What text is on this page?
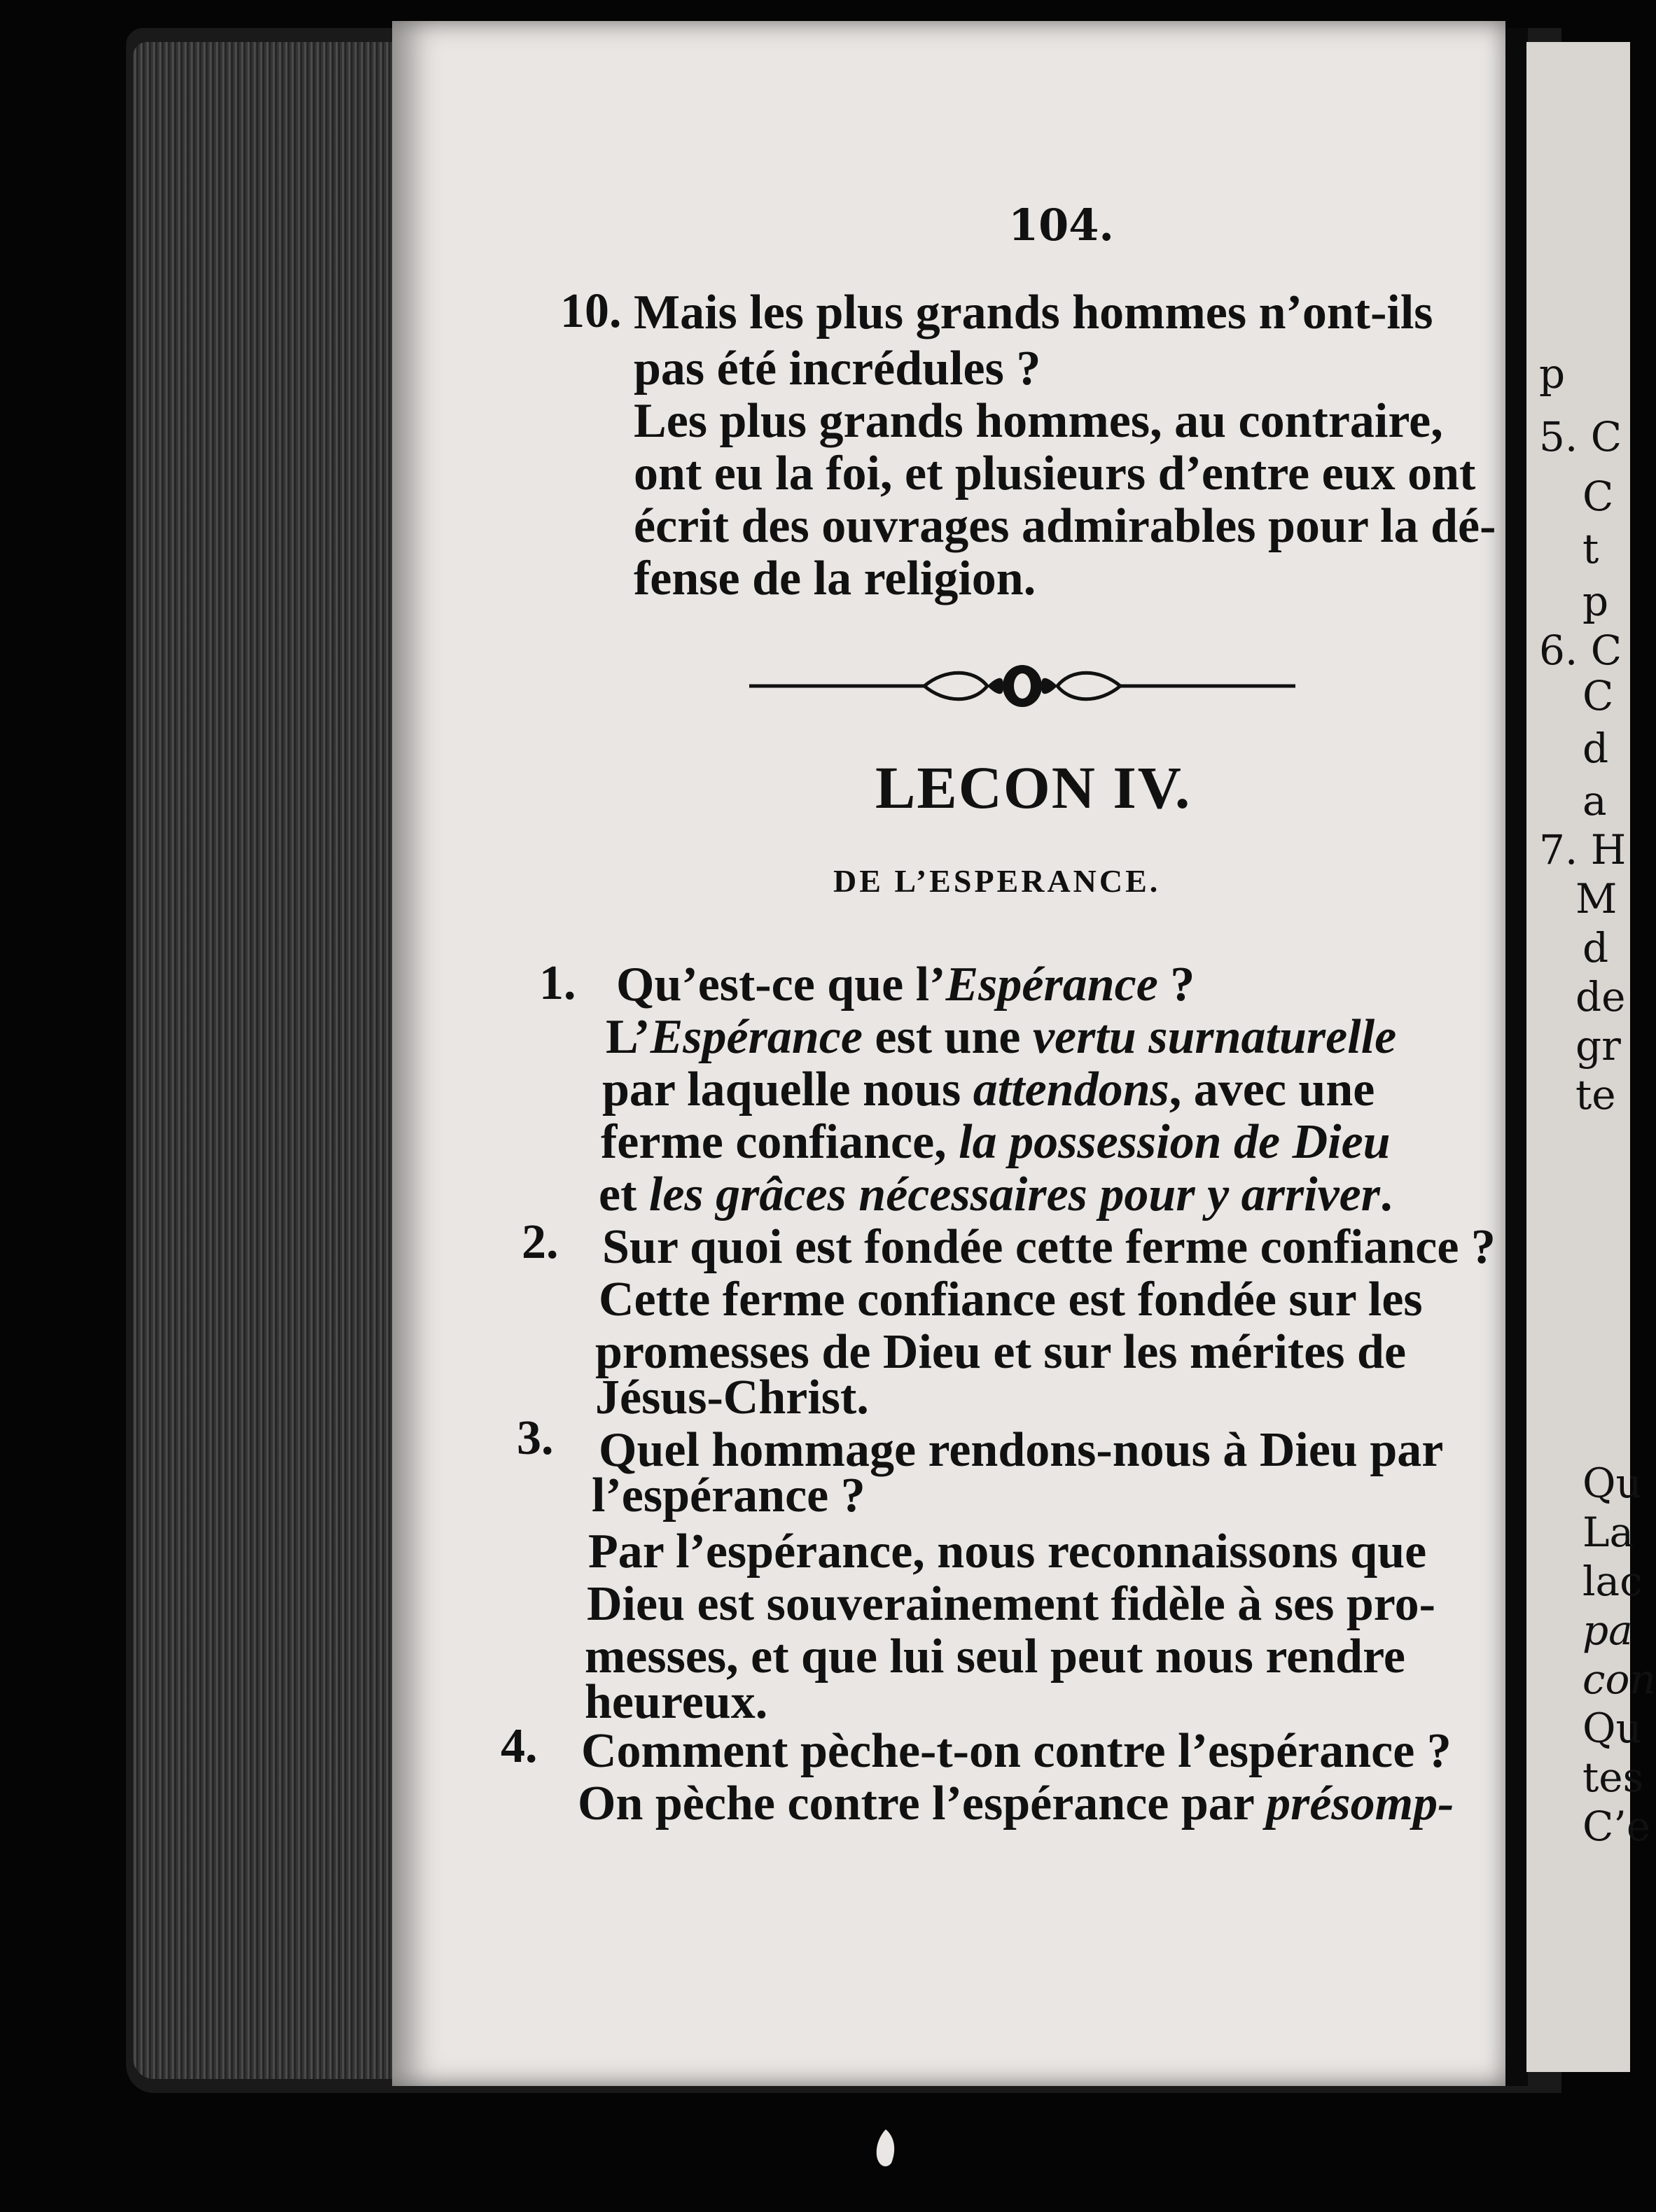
p
5. C
C
t
p
6. C
C
d
a
7. H
M
d
de
gr
te
Qu
La
lac
pa
con
Qu
tes
C’e
104.
10. Mais les plus grands hommes n’ont-ils
pas été incrédules ?
Les plus grands hommes, au contraire,
ont eu la foi, et plusieurs d’entre eux ont
écrit des ouvrages admirables pour la dé-
fense de la religion.
LECON IV.
DE L’ESPERANCE.
1. Qu’est-ce que l’Espérance ?
L’Espérance est une vertu surnaturelle
par laquelle nous attendons, avec une
ferme confiance, la possession de Dieu
et les grâces nécessaires pour y arriver.
2. Sur quoi est fondée cette ferme confiance ?
Cette ferme confiance est fondée sur les
promesses de Dieu et sur les mérites de
Jésus-Christ.
3. Quel hommage rendons-nous à Dieu par
l’espérance ?
Par l’espérance, nous reconnaissons que
Dieu est souverainement fidèle à ses pro-
messes, et que lui seul peut nous rendre
heureux.
4. Comment pèche-t-on contre l’espérance ?
On pèche contre l’espérance par présomp-
